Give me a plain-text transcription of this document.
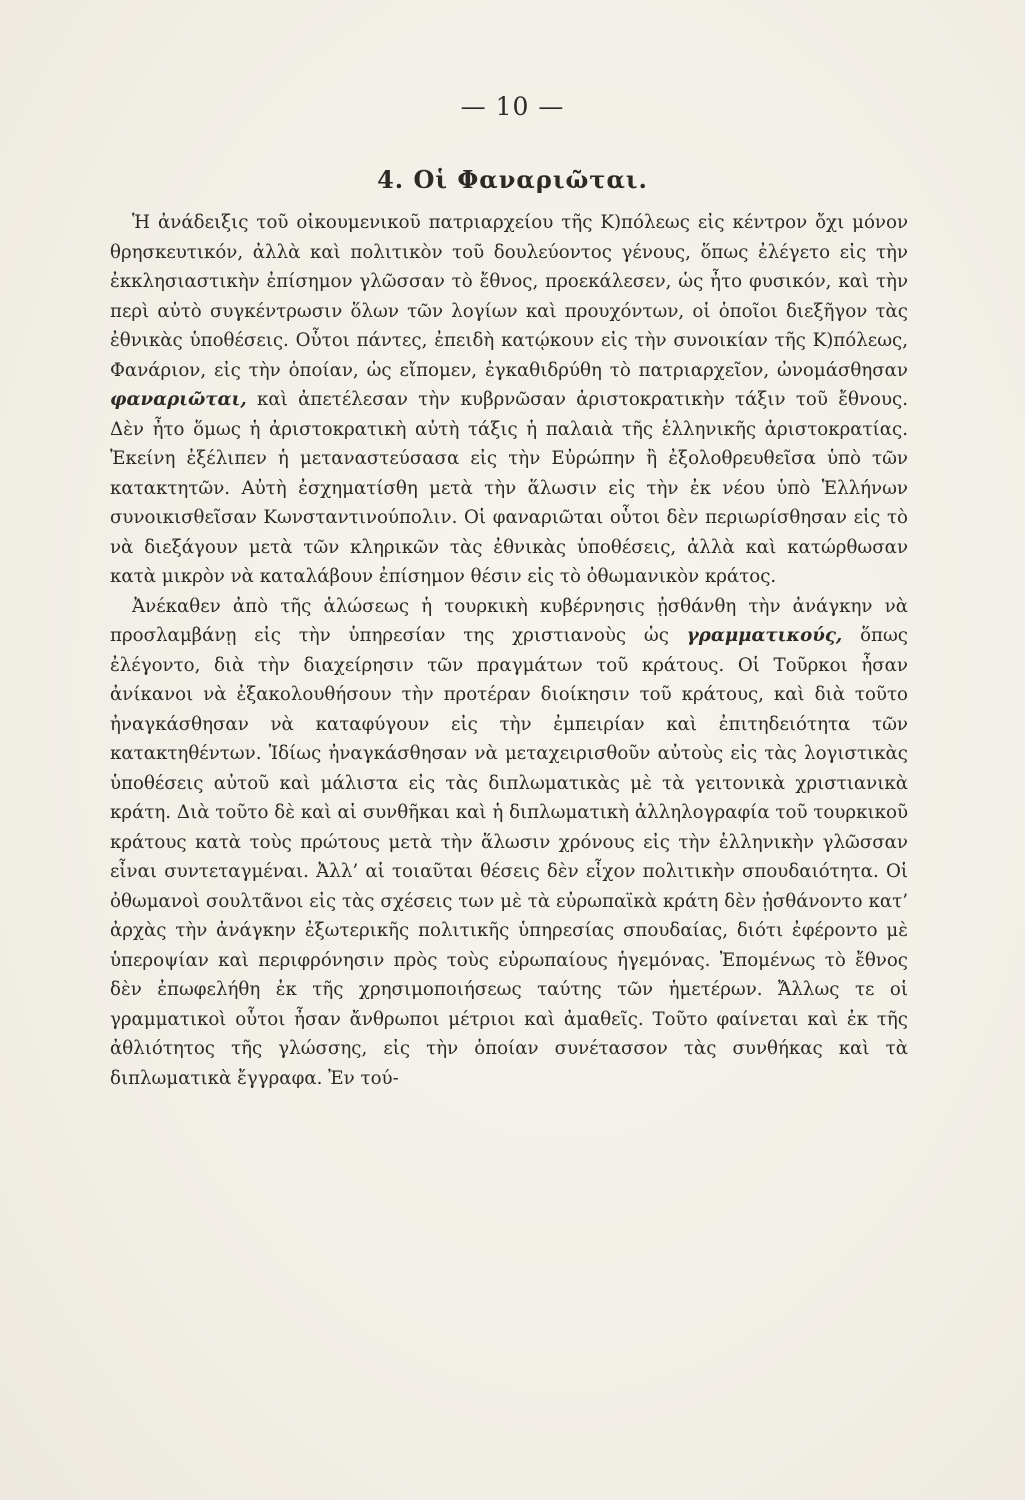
— 10 —
4. Οἱ Φαναριῶται.

Ἡ ἀνάδειξις τοῦ οἰκουμενικοῦ πατριαρχείου τῆς Κ)πόλεως εἰς κέντρον ὄχι μόνον θρησκευτικόν, ἀλλὰ καὶ πολιτικὸν τοῦ δουλεύοντος γένους, ὅπως ἐλέγετο εἰς τὴν ἐκκλησιαστικὴν ἐπίσημον γλῶσσαν τὸ ἔθνος, προεκάλεσεν, ὡς ἦτο φυσικόν, καὶ τὴν περὶ αὐτὸ συγκέντρωσιν ὅλων τῶν λογίων καὶ προυχόντων, οἱ ὁποῖοι διεξῆγον τὰς ἐθνικὰς ὑποθέσεις. Οὗτοι πάντες, ἐπειδὴ κατῴκουν εἰς τὴν συνοικίαν τῆς Κ)πόλεως, Φανάριον, εἰς τὴν ὁποίαν, ὡς εἴπομεν, ἐγκαθιδρύθη τὸ πατριαρχεῖον, ὠνομάσθησαν φαναριῶται, καὶ ἀπετέλεσαν τὴν κυβρνῶσαν ἀριστοκρατικὴν τάξιν τοῦ ἔθνους. Δὲν ἦτο ὅμως ἡ ἀριστοκρατικὴ αὐτὴ τάξις ἡ παλαιὰ τῆς ἑλληνικῆς ἀριστοκρατίας. Ἐκείνη ἐξέλιπεν ἡ μεταναστεύσασα εἰς τὴν Εὐρώπην ἢ ἐξολοθρευθεῖσα ὑπὸ τῶν κατακτητῶν. Αὐτὴ ἐσχηματίσθη μετὰ τὴν ἅλωσιν εἰς τὴν ἐκ νέου ὑπὸ Ἑλλήνων συνοικισθεῖσαν Κωνσταντινούπολιν. Οἱ φαναριῶται οὗτοι δὲν περιωρίσθησαν εἰς τὸ νὰ διεξάγουν μετὰ τῶν κληρικῶν τὰς ἐθνικὰς ὑποθέσεις, ἀλλὰ καὶ κατώρθωσαν κατὰ μικρὸν νὰ καταλάβουν ἐπίσημον θέσιν εἰς τὸ ὀθωμανικὸν κράτος.

Ἀνέκαθεν ἀπὸ τῆς ἁλώσεως ἡ τουρκικὴ κυβέρνησις ᾐσθάνθη τὴν ἀνάγκην νὰ προσλαμβάνῃ εἰς τὴν ὑπηρεσίαν της χριστιανοὺς ὡς γραμματικούς, ὅπως ἐλέγοντο, διὰ τὴν διαχείρησιν τῶν πραγμάτων τοῦ κράτους. Οἱ Τοῦρκοι ἦσαν ἀνίκανοι νὰ ἐξακολουθήσουν τὴν προτέραν διοίκησιν τοῦ κράτους, καὶ διὰ τοῦτο ἠναγκάσθησαν νὰ καταφύγουν εἰς τὴν ἐμπειρίαν καὶ ἐπιτηδειότητα τῶν κατακτηθέντων. Ἰδίως ἠναγκάσθησαν νὰ μεταχειρισθοῦν αὐτοὺς εἰς τὰς λογιστικὰς ὑποθέσεις αὐτοῦ καὶ μάλιστα εἰς τὰς διπλωματικὰς μὲ τὰ γειτονικὰ χριστιανικὰ κράτη. Διὰ τοῦτο δὲ καὶ αἱ συνθῆκαι καὶ ἡ διπλωματικὴ ἀλληλογραφία τοῦ τουρκικοῦ κράτους κατὰ τοὺς πρώτους μετὰ τὴν ἅλωσιν χρόνους εἰς τὴν ἑλληνικὴν γλῶσσαν εἶναι συντεταγμέναι. Ἀλλ’ αἱ τοιαῦται θέσεις δὲν εἶχον πολιτικὴν σπουδαιότητα. Οἱ ὀθωμανοὶ σουλτᾶνοι εἰς τὰς σχέσεις των μὲ τὰ εὐρωπαϊκὰ κράτη δὲν ᾐσθάνοντο κατ’ ἀρχὰς τὴν ἀνάγκην ἐξωτερικῆς πολιτικῆς ὑπηρεσίας σπουδαίας, διότι ἐφέροντο μὲ ὑπεροψίαν καὶ περιφρόνησιν πρὸς τοὺς εὐρωπαίους ἡγεμόνας. Ἐπομένως τὸ ἔθνος δὲν ἐπωφελήθη ἐκ τῆς χρησιμοποιήσεως ταύτης τῶν ἡμετέρων. Ἄλλως τε οἱ γραμματικοὶ οὗτοι ἦσαν ἄνθρωποι μέτριοι καὶ ἀμαθεῖς. Τοῦτο φαίνεται καὶ ἐκ τῆς ἀθλιότητος τῆς γλώσσης, εἰς τὴν ὁποίαν συνέτασσον τὰς συνθήκας καὶ τὰ διπλωματικὰ ἔγγραφα. Ἐν τού-
